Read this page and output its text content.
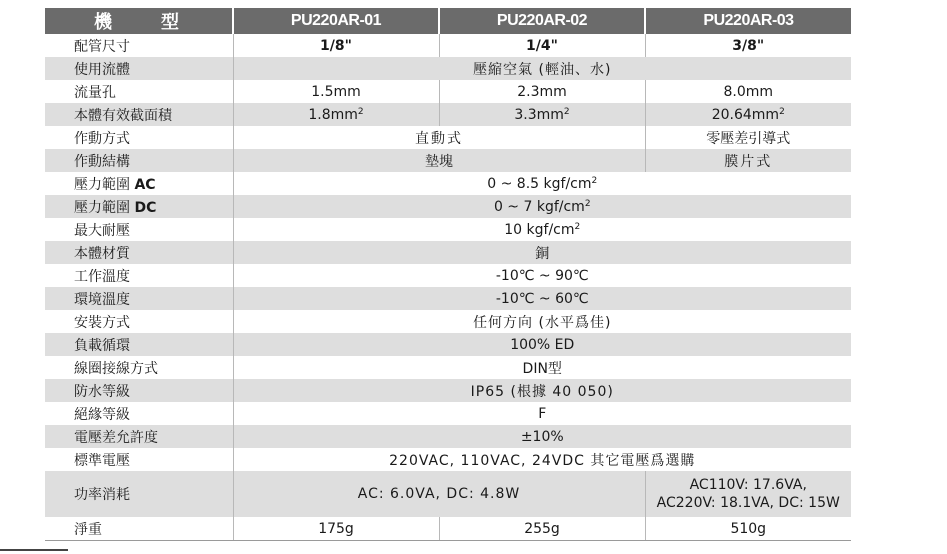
機 型	PU220AR-01	PU220AR-02	PU220AR-03
配管尺寸	1/8"	1/4"	3/8"
使用流體	壓縮空氣 (輕油、水)		
流量孔	1.5mm	2.3mm	8.0mm
本體有效截面積	$1.8mm^2$	$3.3mm^2$	$20.64mm^2$
作動方式	直動式		零壓差引導式
作動結構	墊塊		膜片式
壓力範圍 AC	0 ~ 8.5 kgf/$cm^2$
壓力範圍 DC	0 ~ 7 kgf/$cm^2$
最大耐壓	10 kgf/$cm^2$
本體材質	銅		
工作溫度	-10℃ ~ 90℃		
環境溫度	-10℃ ~ 60℃		
安裝方式	任何方向 (水平爲佳)		
負載循環	100% ED		
線圈接線方式	DIN型		
防水等級	IP65 (根據 40 050)		
絕緣等級	F		
電壓差允許度	±10%		
標準電壓	220VAC, 110VAC, 24VDC 其它電壓爲選購		
功率消耗	AC: 6.0VA, DC: 4.8W		AC110V: 17.6VA,
AC220V: 18.1VA, DC: 15W

淨重	175g	255g	510g
